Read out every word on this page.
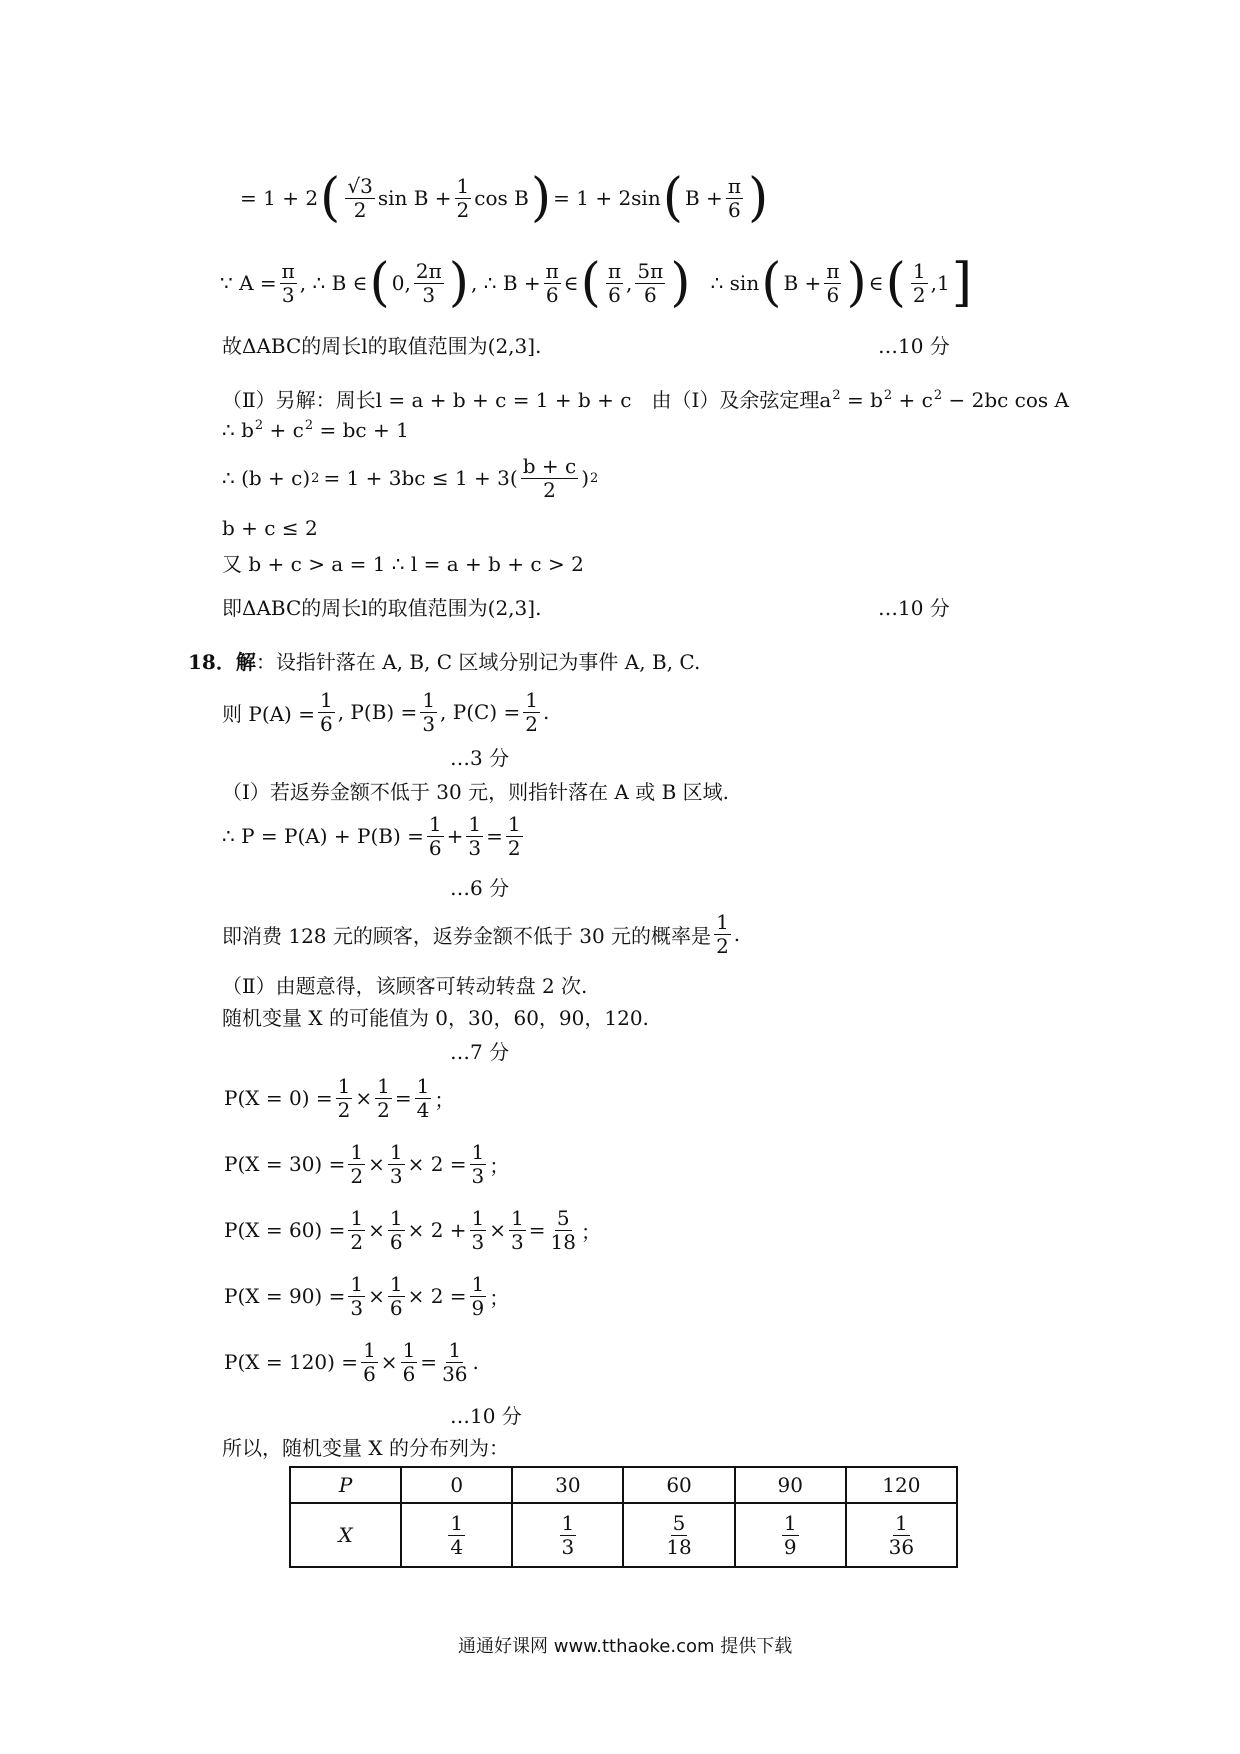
= 1 + 2 ( $\frac{√3}{2}$ $\sin B + \frac{1}{2}$ cos B ) = 1 + 2sin ( $B + \frac{\pi}{6}$ )
∵ $A = \frac{\pi}{3}$ , ∴ B ∈ ( 0, $\frac{2\pi}{3}$ ) , ∴ $B + \frac{\pi}{6}$ ∈ ( $\frac{\pi}{6}$ , $\frac{5\pi}{6}$ ) ∴ sin ( $B + \frac{\pi}{6}$ ) ∈ ( $\frac{1}{2} ,1$ ]
故ΔABC的周长l的取值范围为(2,3].	…10 分
（Ⅱ）另解：周长l = a + b + c = 1 + b + c　由（Ⅰ）及余弦定理$a^2 = b^2 + c^2 - 2bc$ cos A
∴ $b^2 + c^2$ = bc + 1
∴ (b + c) $2 = 1 + 3bc \le 1 + 3( \frac{b + c}{2}$ ) 2
b + c ≤ 2
又 b + c > a = 1 ∴ l = a + b + c > 2
即ΔABC的周长l的取值范围为(2,3].	…10 分
18．解：设指针落在 A, B, C 区域分别记为事件 A, B, C.
则 $P(A) = \frac{1}{6}$ , $P(B) = \frac{1}{3}$ , $P(C) = \frac{1}{2}$ .
…3 分
（Ⅰ）若返券金额不低于 30 元，则指针落在 A 或 B 区域.
∴ $P = P(A) + P(B) = \frac{1}{6} + \frac{1}{3} = \frac{1}{2}$
…6 分
即消费 128 元的顾客，返券金额不低于 30 元的概率是 $\frac{1}{2}$ .
（Ⅱ）由题意得，该顾客可转动转盘 2 次.
随机变量 X 的可能值为 0，30，60，90，120.
…7 分
$P(X = 0) = \frac{1}{2} \times \frac{1}{2} = \frac{1}{4}$ ；
$P(X = 30) = \frac{1}{2} \times \frac{1}{3} \times 2 = \frac{1}{3}$ ；
$P(X = 60) = \frac{1}{2} \times \frac{1}{6} \times 2 + \frac{1}{3} \times \frac{1}{3} = \frac{5}{18}$ ；
$P(X = 90) = \frac{1}{3} \times \frac{1}{6} \times 2 = \frac{1}{9}$ ；
$P(X = 120) = \frac{1}{6} \times \frac{1}{6} = \frac{1}{36}$ .
…10 分
所以，随机变量 X 的分布列为：
P	0	30	60	90	120
X	$\frac{1}{4}$	$\frac{1}{3}$	$\frac{5}{18}$	$\frac{1}{9}$	$\frac{1}{36}$
通通好课网 www.tthaoke.com 提供下载
